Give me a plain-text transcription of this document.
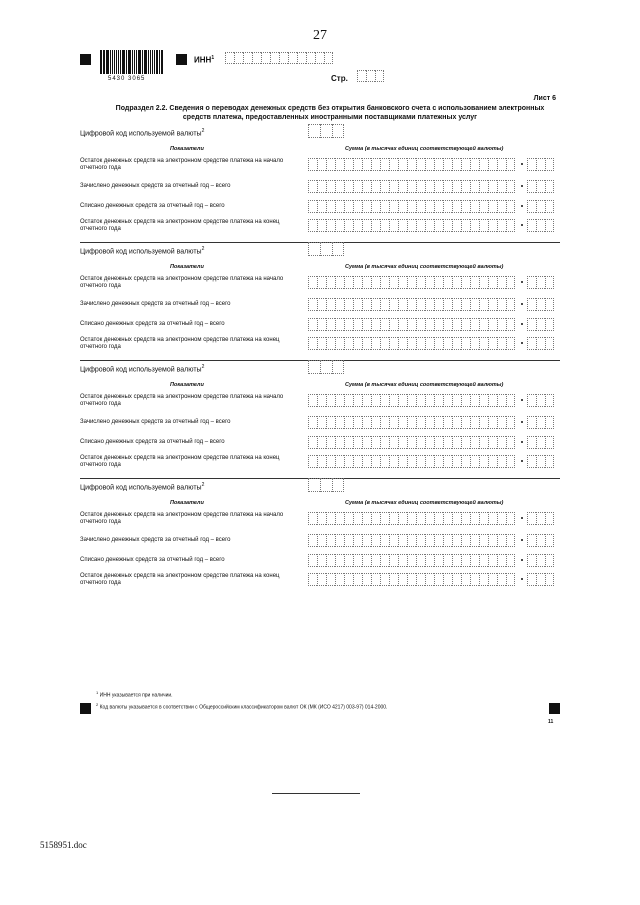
27
5430 3065
ИНН$^1$
Стр.
Лист 6
Подраздел 2.2. Сведения о переводах денежных средств без открытия банковского счета с использованием электронных средств платежа, предоставленных иностранными поставщиками платежных услуг
Цифровой код используемой валюты$^2$
Показатели	Сумма (в тысячах единиц соответствующей валюты)
Остаток денежных средств на электронном средстве платежа на начало отчетного года
Зачислено денежных средств за отчетный год – всего
Списано денежных средств за отчетный год – всего
Остаток денежных средств на электронном средстве платежа на конец отчетного года
Цифровой код используемой валюты$^2$
Показатели	Сумма (в тысячах единиц соответствующей валюты)
Остаток денежных средств на электронном средстве платежа на начало отчетного года
Зачислено денежных средств за отчетный год – всего
Списано денежных средств за отчетный год – всего
Остаток денежных средств на электронном средстве платежа на конец отчетного года
Цифровой код используемой валюты$^2$
Показатели	Сумма (в тысячах единиц соответствующей валюты)
Остаток денежных средств на электронном средстве платежа на начало отчетного года
Зачислено денежных средств за отчетный год – всего
Списано денежных средств за отчетный год – всего
Остаток денежных средств на электронном средстве платежа на конец отчетного года
Цифровой код используемой валюты$^2$
Показатели	Сумма (в тысячах единиц соответствующей валюты)
Остаток денежных средств на электронном средстве платежа на начало отчетного года
Зачислено денежных средств за отчетный год – всего
Списано денежных средств за отчетный год – всего
Остаток денежных средств на электронном средстве платежа на конец отчетного года
$^1$ ИНН указывается при наличии.
$^2$ Код валюты указывается в соответствии с Общероссийским классификатором валют ОК (МК (ИСО 4217) 003-97) 014-2000.
11
5158951.doc
